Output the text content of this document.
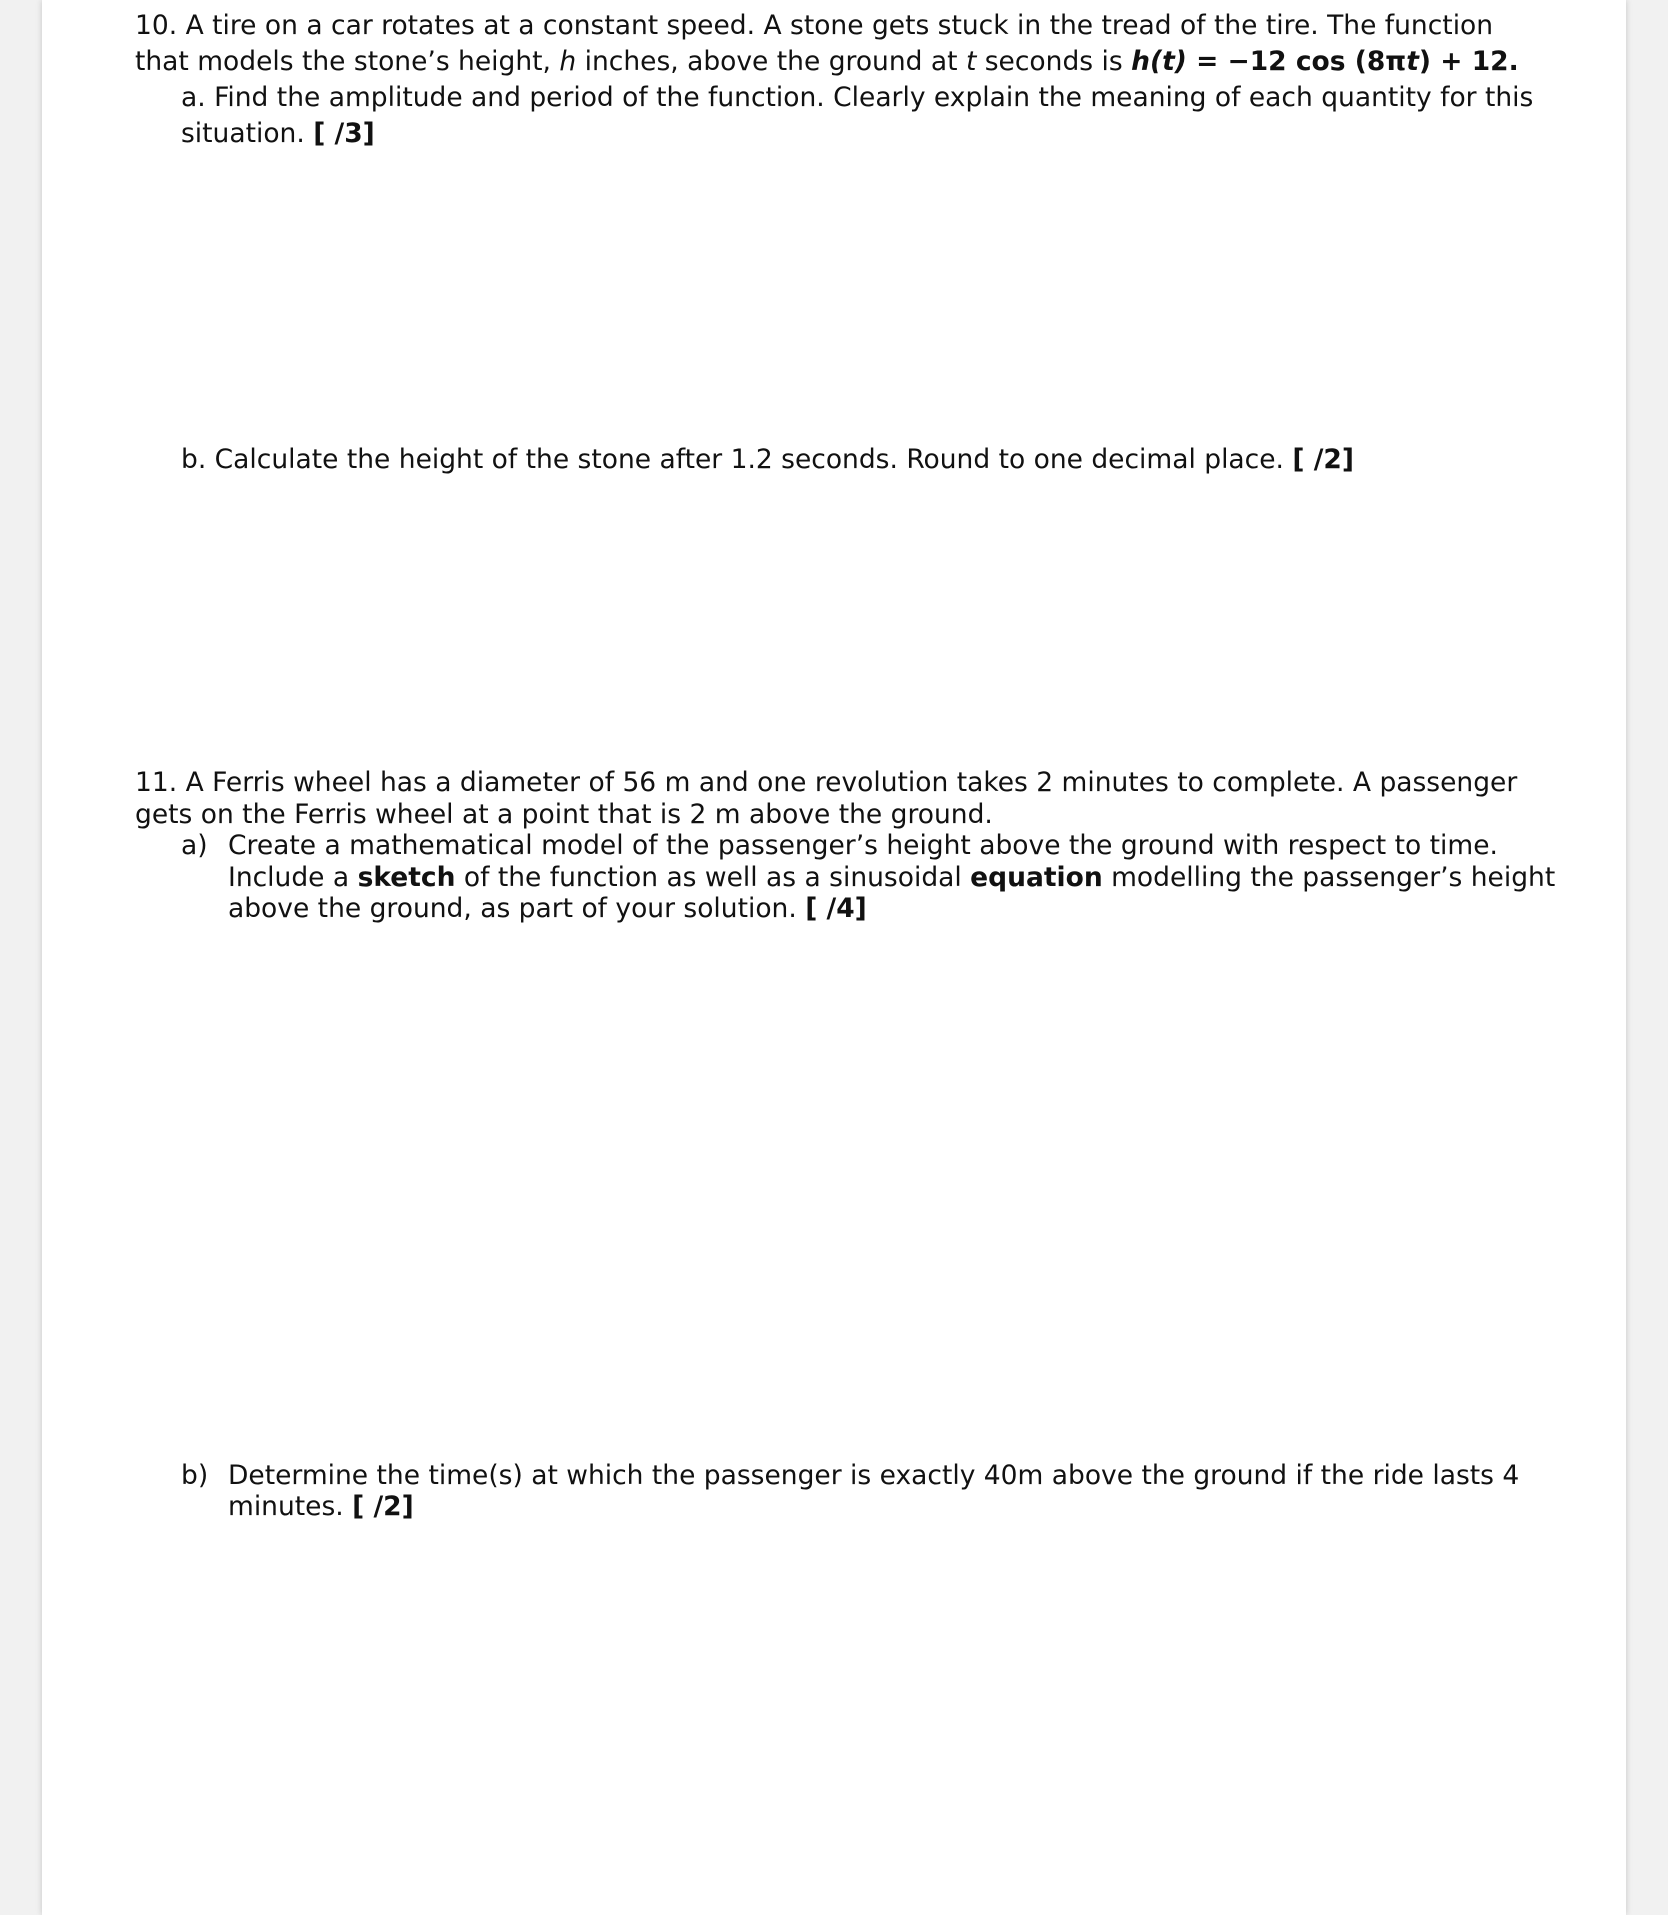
10. A tire on a car rotates at a constant speed. A stone gets stuck in the tread of the tire. The function
that models the stone’s height, h inches, above the ground at t seconds is h(t) = −12 cos (8πt) + 12.
a. Find the amplitude and period of the function. Clearly explain the meaning of each quantity for this
situation. [ /3]
b. Calculate the height of the stone after 1.2 seconds. Round to one decimal place. [ /2]
11. A Ferris wheel has a diameter of 56 m and one revolution takes 2 minutes to complete. A passenger
gets on the Ferris wheel at a point that is 2 m above the ground.
a) Create a mathematical model of the passenger’s height above the ground with respect to time.
Include a sketch of the function as well as a sinusoidal equation modelling the passenger’s height
above the ground, as part of your solution. [ /4]
b) Determine the time(s) at which the passenger is exactly 40m above the ground if the ride lasts 4
minutes. [ /2]
